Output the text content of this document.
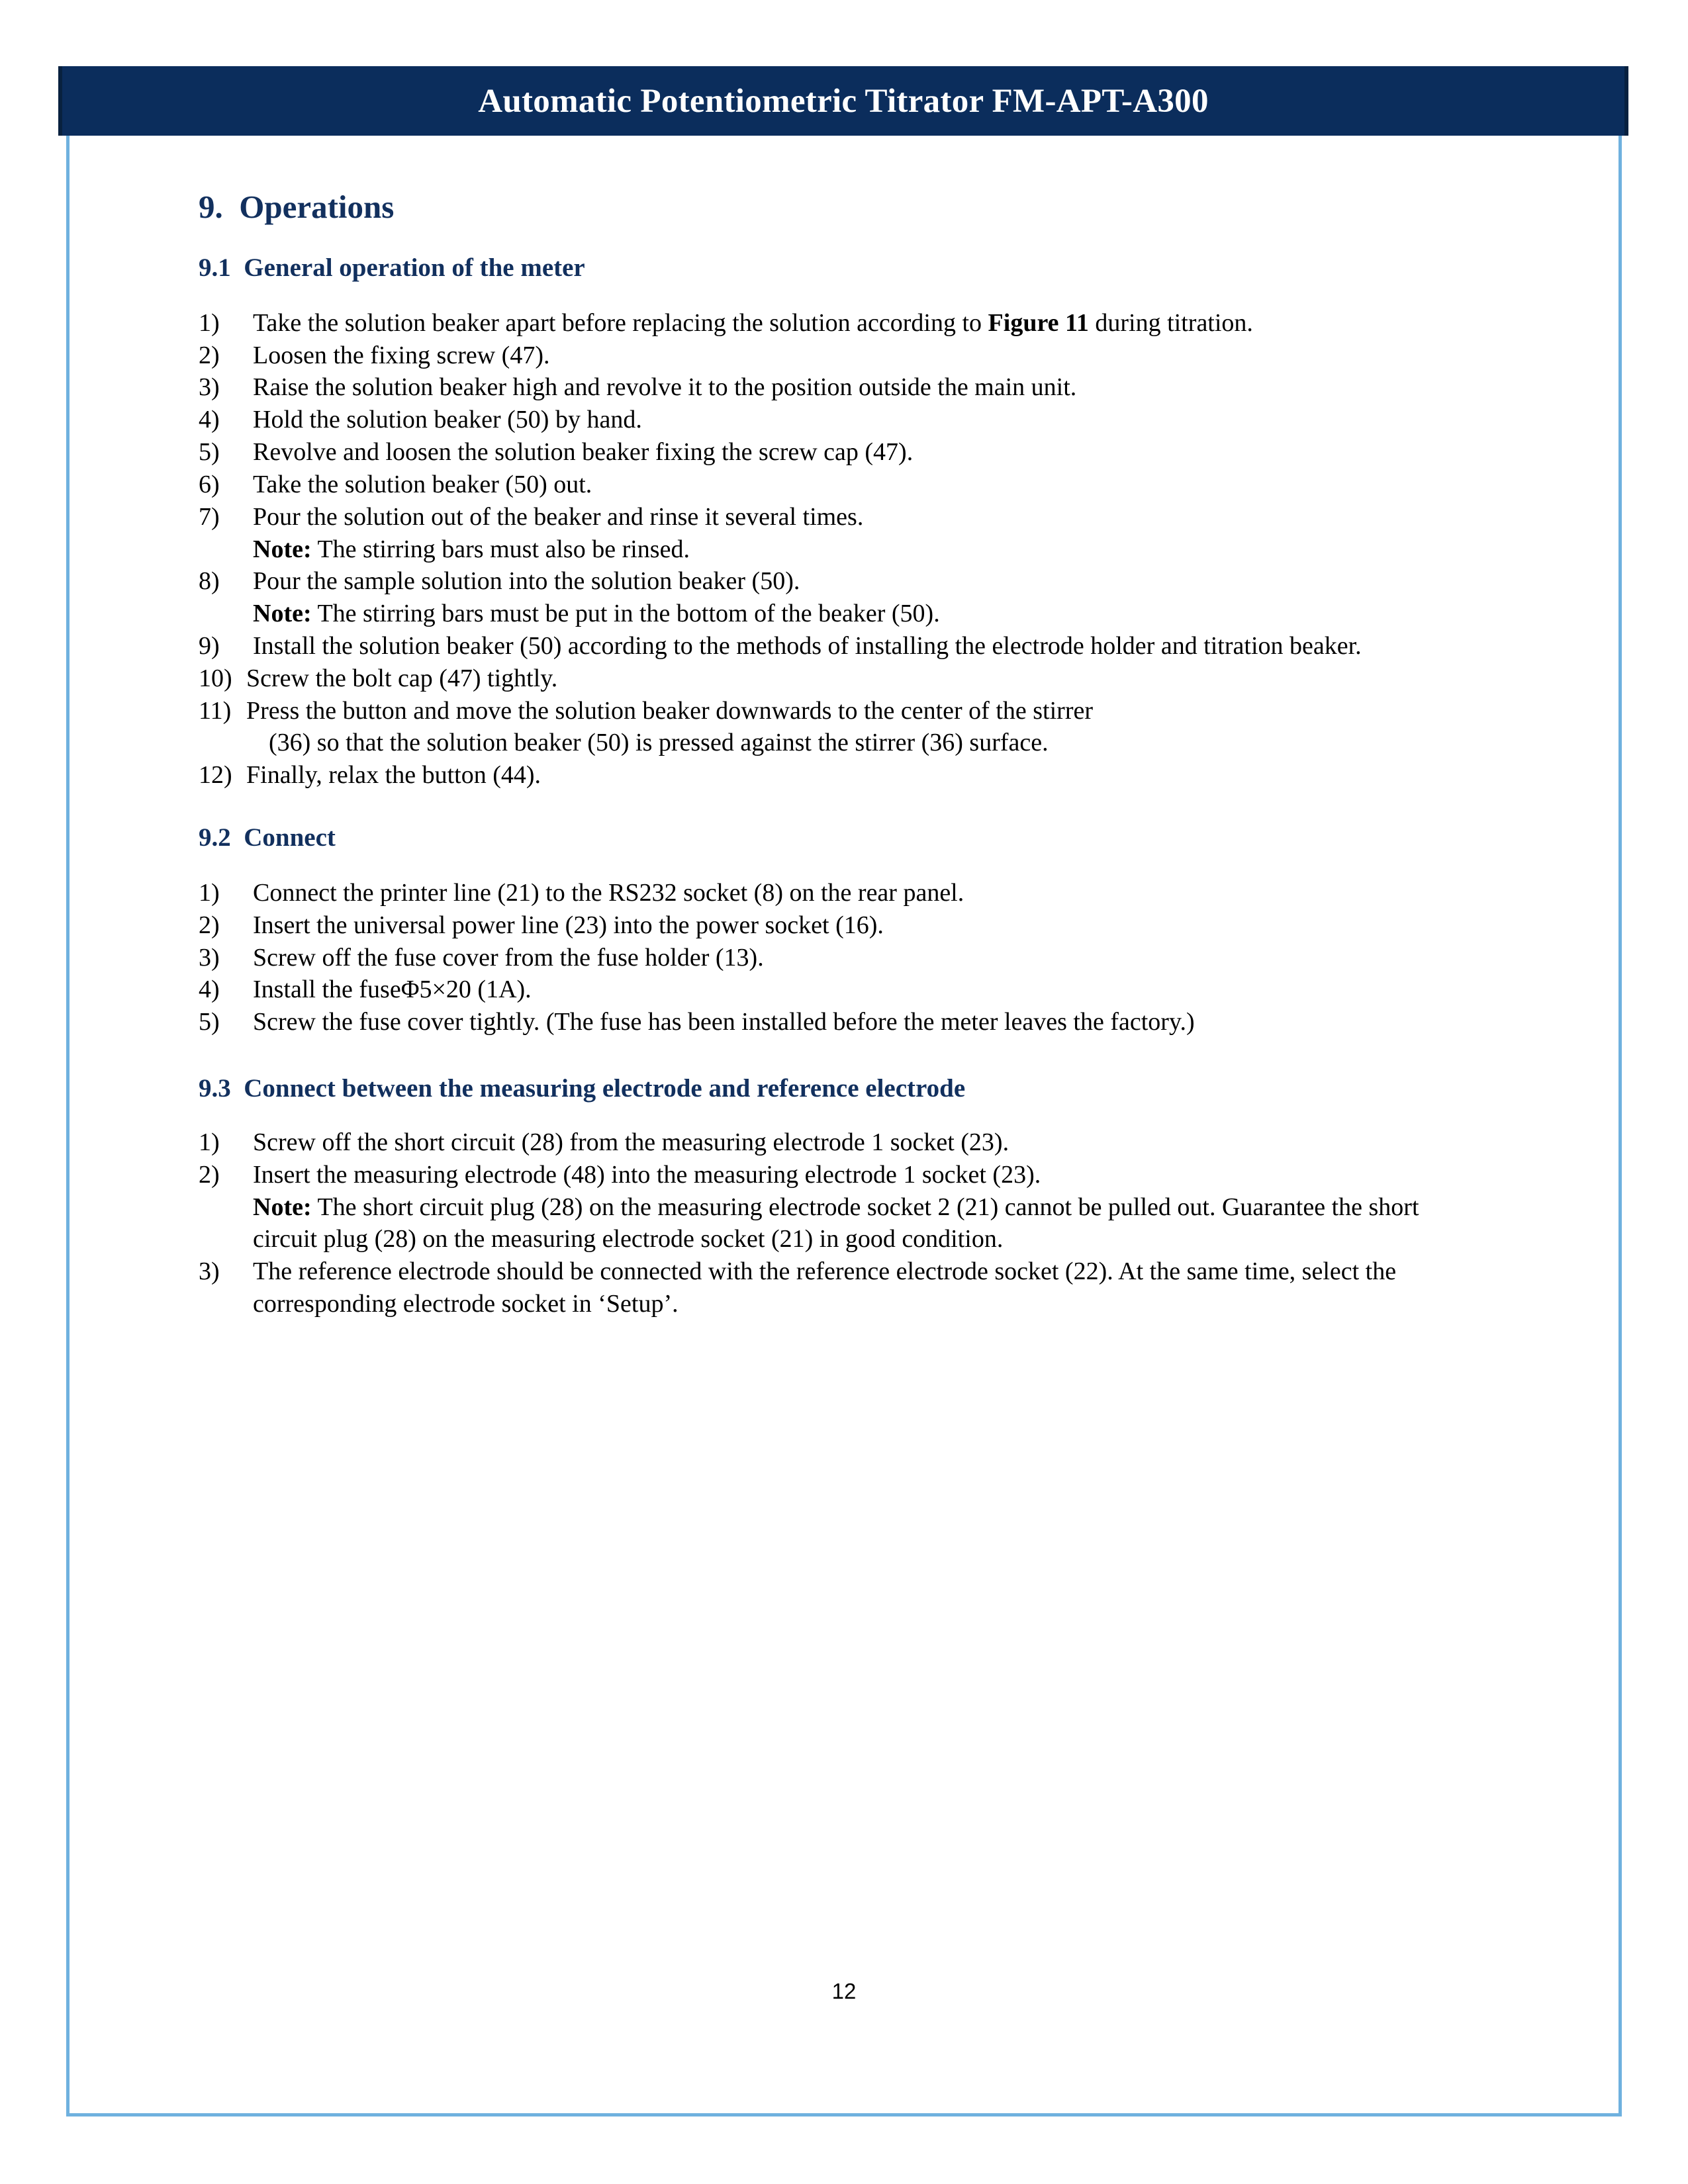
Automatic Potentiometric Titrator FM-APT-A300
9.  Operations
9.1  General operation of the meter
1)	Take the solution beaker apart before replacing the solution according to Figure 11 during titration.
2)	Loosen the fixing screw (47).
3)	Raise the solution beaker high and revolve it to the position outside the main unit.
4)	Hold the solution beaker (50) by hand.
5)	Revolve and loosen the solution beaker fixing the screw cap (47).
6)	Take the solution beaker (50) out.
7)	Pour the solution out of the beaker and rinse it several times.
Note: The stirring bars must also be rinsed.
8)	Pour the sample solution into the solution beaker (50).
Note: The stirring bars must be put in the bottom of the beaker (50).
9)	Install the solution beaker (50) according to the methods of installing the electrode holder and titration beaker.
10) Screw the bolt cap (47) tightly.
11) Press the button and move the solution beaker downwards to the center of the stirrer
(36) so that the solution beaker (50) is pressed against the stirrer (36) surface.
12) Finally, relax the button (44).
9.2  Connect
1)	Connect the printer line (21) to the RS232 socket (8) on the rear panel.
2)	Insert the universal power line (23) into the power socket (16).
3)	Screw off the fuse cover from the fuse holder (13).
4)	Install the fuseΦ5×20 (1A).
5)	Screw the fuse cover tightly. (The fuse has been installed before the meter leaves the factory.)
9.3  Connect between the measuring electrode and reference electrode
1)	Screw off the short circuit (28) from the measuring electrode 1 socket (23).
2)	Insert the measuring electrode (48) into the measuring electrode 1 socket (23).
Note: The short circuit plug (28) on the measuring electrode socket 2 (21) cannot be pulled out. Guarantee the short circuit plug (28) on the measuring electrode socket (21) in good condition.
3)	The reference electrode should be connected with the reference electrode socket (22). At the same time, select the corresponding electrode socket in ‘Setup’.
12
